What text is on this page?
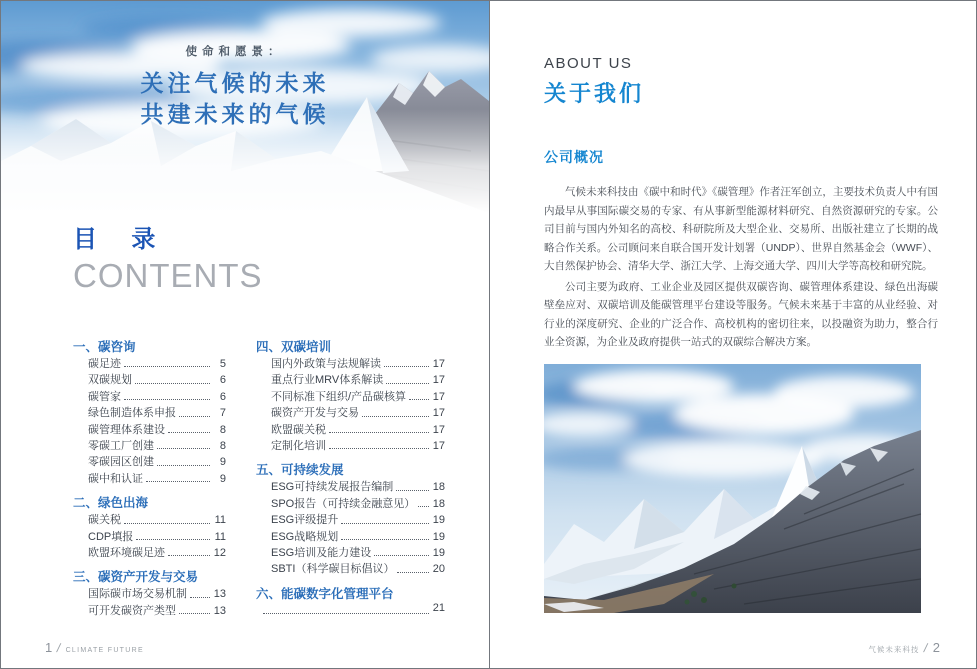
使命和愿景：
关注气候的未来
共建未来的气候
目  录
CONTENTS
一、碳咨询
碳足迹	5
双碳规划	6
碳管家	6
绿色制造体系申报	7
碳管理体系建设	8
零碳工厂创建	8
零碳园区创建	9
碳中和认证	9
二、绿色出海
碳关税	11
CDP填报	11
欧盟环境碳足迹	12
三、碳资产开发与交易
国际碳市场交易机制 13
可开发碳资产类型	13
四、双碳培训
国内外政策与法规解读	17
重点行业MRV体系解读	17
不同标准下组织/产品碳核算 17
碳资产开发与交易	17
欧盟碳关税	17
定制化培训	17
五、可持续发展
ESG可持续发展报告编制	18
SPO报告（可持续金融意见） 18
ESG评级提升	19
ESG战略规划	19
ESG培训及能力建设	19
SBTI（科学碳目标倡议）	20
六、能碳数字化管理平台
21
1 / CLIMATE FUTURE
ABOUT US
关于我们
公司概况

气候未来科技由《碳中和时代》《碳管理》作者汪军创立，主要技术负责人中有国内最早从事国际碳交易的专家、有从事新型能源材料研究、自然资源研究的专家。公司目前与国内外知名的高校、科研院所及大型企业、交易所、出版社建立了长期的战略合作关系。公司顾问来自联合国开发计划署（UNDP）、世界自然基金会（WWF）、大自然保护协会、清华大学、浙江大学、上海交通大学、四川大学等高校和研究院。

公司主要为政府、工业企业及园区提供双碳咨询、碳管理体系建设、绿色出海碳壁垒应对、双碳培训及能碳管理平台建设等服务。气候未来基于丰富的从业经验、对行业的深度研究、企业的广泛合作、高校机构的密切往来，以投融资为助力，整合行业全资源，为企业及政府提供一站式的双碳综合解决方案。

气候未来科技 / 2
